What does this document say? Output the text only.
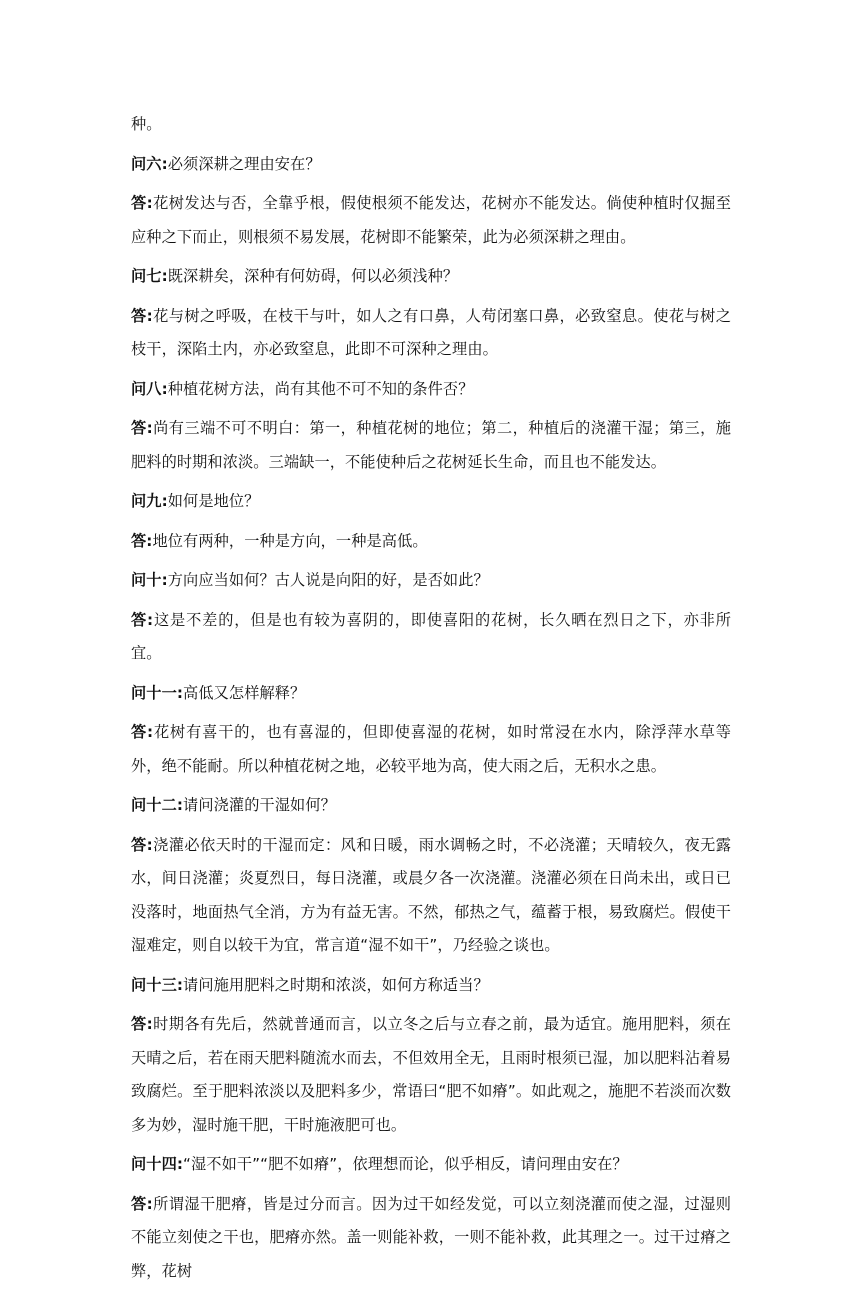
种。

问六:必须深耕之理由安在？

答:花树发达与否，全靠乎根，假使根须不能发达，花树亦不能发达。倘使种植时仅掘至应种之下而止，则根须不易发展，花树即不能繁荣，此为必须深耕之理由。

问七:既深耕矣，深种有何妨碍，何以必须浅种？

答:花与树之呼吸，在枝干与叶，如人之有口鼻，人苟闭塞口鼻，必致窒息。使花与树之枝干，深陷土内，亦必致窒息，此即不可深种之理由。

问八:种植花树方法，尚有其他不可不知的条件否？

答:尚有三端不可不明白：第一，种植花树的地位；第二，种植后的浇灌干湿；第三，施肥料的时期和浓淡。三端缺一，不能使种后之花树延长生命，而且也不能发达。

问九:如何是地位？

答:地位有两种，一种是方向，一种是高低。

问十:方向应当如何？古人说是向阳的好，是否如此？

答:这是不差的，但是也有较为喜阴的，即使喜阳的花树，长久晒在烈日之下，亦非所宜。

问十一:高低又怎样解释？

答:花树有喜干的，也有喜湿的，但即使喜湿的花树，如时常浸在水内，除浮萍水草等外，绝不能耐。所以种植花树之地，必较平地为高，使大雨之后，无积水之患。

问十二:请问浇灌的干湿如何？

答:浇灌必依天时的干湿而定：风和日暖，雨水调畅之时，不必浇灌；天晴较久，夜无露水，间日浇灌；炎夏烈日，每日浇灌，或晨夕各一次浇灌。浇灌必须在日尚未出，或日已没落时，地面热气全消，方为有益无害。不然，郁热之气，蕴蓄于根，易致腐烂。假使干湿难定，则自以较干为宜，常言道“湿不如干”，乃经验之谈也。

问十三:请问施用肥料之时期和浓淡，如何方称适当？

答:时期各有先后，然就普通而言，以立冬之后与立春之前，最为适宜。施用肥料，须在天晴之后，若在雨天肥料随流水而去，不但效用全无，且雨时根须已湿，加以肥料沾着易致腐烂。至于肥料浓淡以及肥料多少，常语曰“肥不如瘠”。如此观之，施肥不若淡而次数多为妙，湿时施干肥，干时施液肥可也。

问十四:“湿不如干”“肥不如瘠”，依理想而论，似乎相反，请问理由安在？

答:所谓湿干肥瘠，皆是过分而言。因为过干如经发觉，可以立刻浇灌而使之湿，过湿则不能立刻使之干也，肥瘠亦然。盖一则能补救，一则不能补救，此其理之一。过干过瘠之弊，花树
